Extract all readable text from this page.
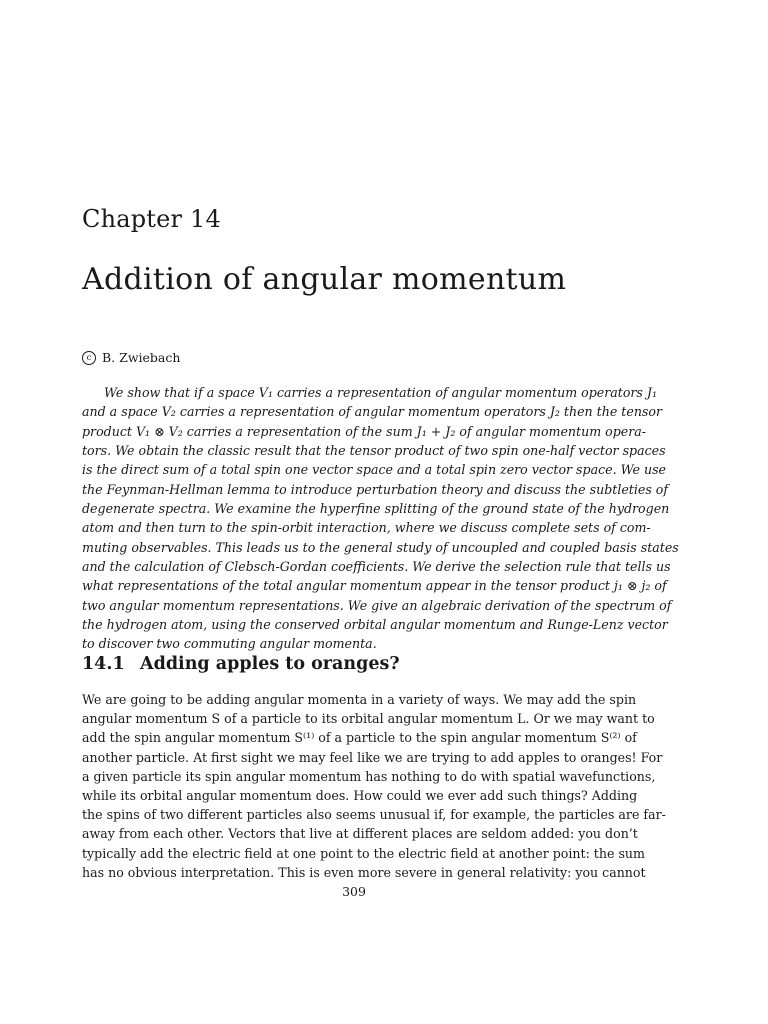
Chapter 14
Addition of angular momentum
c B. Zwiebach
We show that if a space V₁ carries a representation of angular momentum operators J₁
and a space V₂ carries a representation of angular momentum operators J₂ then the tensor
product V₁ ⊗ V₂ carries a representation of the sum J₁ + J₂ of angular momentum opera-
tors. We obtain the classic result that the tensor product of two spin one-half vector spaces
is the direct sum of a total spin one vector space and a total spin zero vector space. We use
the Feynman-Hellman lemma to introduce perturbation theory and discuss the subtleties of
degenerate spectra. We examine the hyperfine splitting of the ground state of the hydrogen
atom and then turn to the spin-orbit interaction, where we discuss complete sets of com-
muting observables. This leads us to the general study of uncoupled and coupled basis states
and the calculation of Clebsch-Gordan coefficients. We derive the selection rule that tells us
what representations of the total angular momentum appear in the tensor product j₁ ⊗ j₂ of
two angular momentum representations. We give an algebraic derivation of the spectrum of
the hydrogen atom, using the conserved orbital angular momentum and Runge-Lenz vector
to discover two commuting angular momenta.
14.1 Adding apples to oranges?
We are going to be adding angular momenta in a variety of ways. We may add the spin
angular momentum S of a particle to its orbital angular momentum L. Or we may want to
add the spin angular momentum S⁽¹⁾ of a particle to the spin angular momentum S⁽²⁾ of
another particle. At first sight we may feel like we are trying to add apples to oranges! For
a given particle its spin angular momentum has nothing to do with spatial wavefunctions,
while its orbital angular momentum does. How could we ever add such things? Adding
the spins of two different particles also seems unusual if, for example, the particles are far-
away from each other. Vectors that live at different places are seldom added: you don’t
typically add the electric field at one point to the electric field at another point: the sum
has no obvious interpretation. This is even more severe in general relativity: you cannot
309
